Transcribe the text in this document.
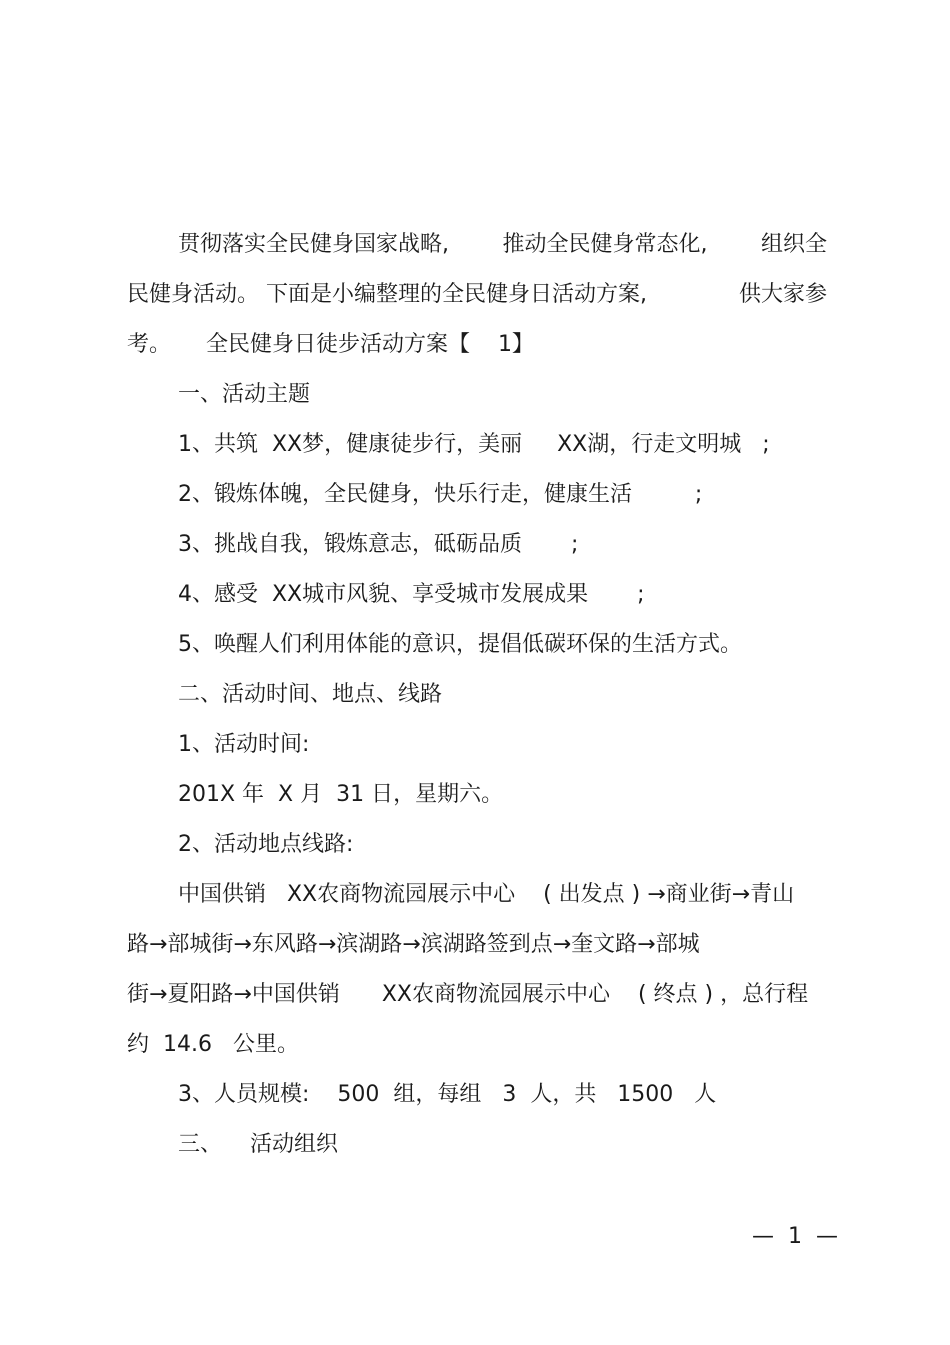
贯彻落实全民健身国家战略, 推动全民健身常态化, 组织全
民健身活动。 下面是小编整理的全民健身日活动方案,	供大家参
考。     全民健身日徒步活动方案【    1】
一、活动主题
1、共筑  XX梦，健康徒步行，美丽     XX湖，行走文明城   ;
2、锻炼体魄，全民健身，快乐行走，健康生活         ;
3、挑战自我，锻炼意志，砥砺品质       ;
4、感受  XX城市风貌、享受城市发展成果       ;
5、唤醒人们利用体能的意识，提倡低碳环保的生活方式。
二、活动时间、地点、线路
1、活动时间:
201X 年  X 月  31 日，星期六。
2、活动地点线路:
中国供销   XX农商物流园展示中心    ( 出发点 ) →商业街→青山
路→部城街→东风路→滨湖路→滨湖路签到点→奎文路→部城
街→夏阳路→中国供销      XX农商物流园展示中心    ( 终点 ) ，总行程
约  14.6   公里。
3、人员规模:    500  组，每组   3  人，共   1500   人
三、    活动组织
—  1  —
